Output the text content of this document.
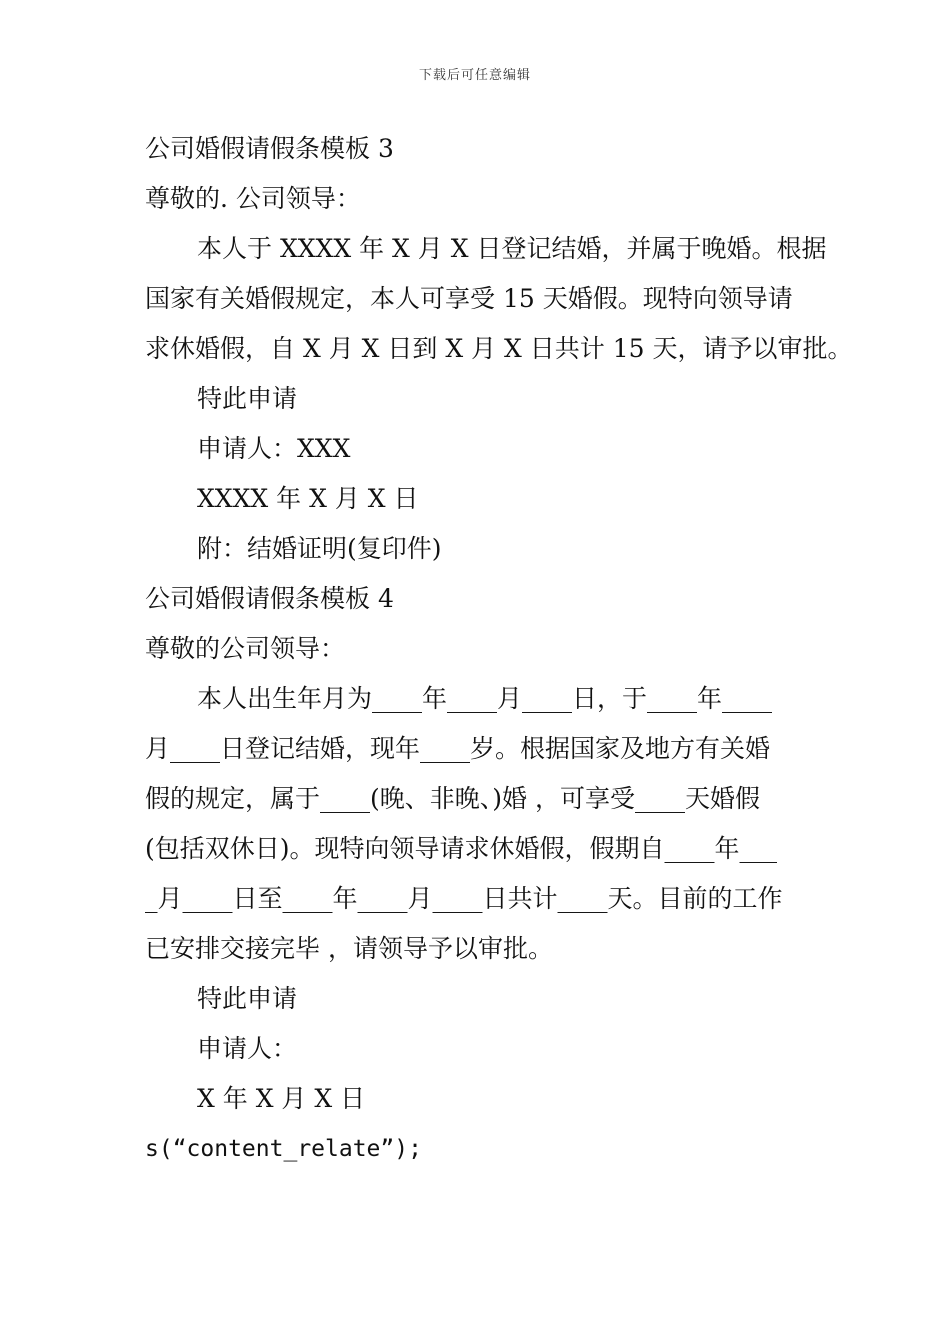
下载后可任意编辑
公司婚假请假条模板 3
尊敬的. 公司领导：
本人于 XXXX 年 X 月 X 日登记结婚，并属于晚婚。根据
国家有关婚假规定，本人可享受 15 天婚假。现特向领导请
求休婚假，自 X 月 X 日到 X 月 X 日共计 15 天，请予以审批。
特此申请
申请人：XXX
XXXX 年 X 月 X 日
附：结婚证明(复印件)
公司婚假请假条模板 4
尊敬的公司领导：
本人出生年月为____年____月____日，于____年____
月____日登记结婚，现年____岁。根据国家及地方有关婚
假的规定，属于____(晚、非晚、)婚 ，可享受____天婚假
(包括双休日)。现特向领导请求休婚假，假期自____年___
_月____日至____年____月____日共计____天。目前的工作
已安排交接完毕 ，请领导予以审批。
特此申请
申请人：
X 年 X 月 X 日
s(“content_relate”);
